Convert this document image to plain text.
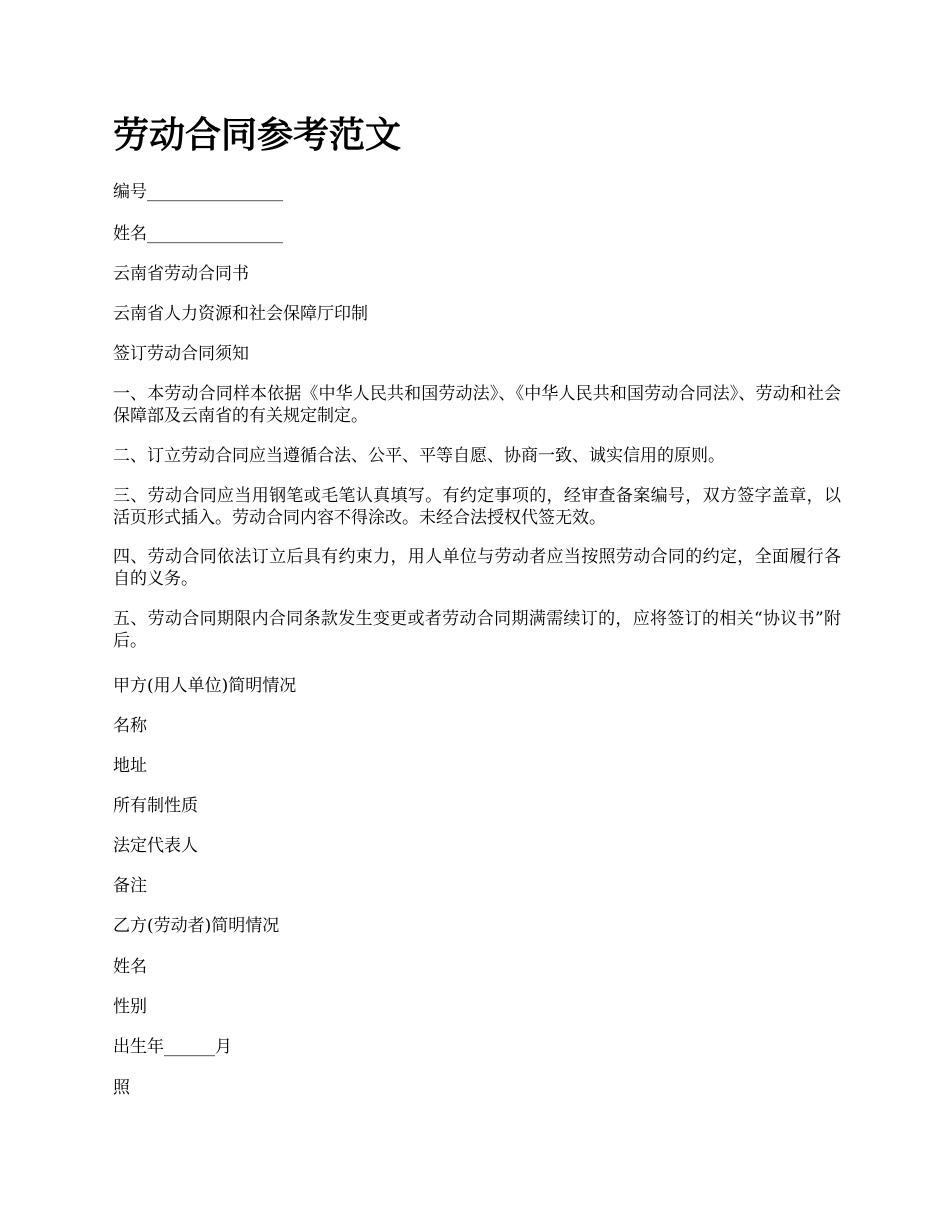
劳动合同参考范文

编号________________

姓名________________

云南省劳动合同书

云南省人力资源和社会保障厅印制

签订劳动合同须知

一、本劳动合同样本依据《中华人民共和国劳动法》、《中华人民共和国劳动合同法》、劳动和社会保障部及云南省的有关规定制定。

二、订立劳动合同应当遵循合法、公平、平等自愿、协商一致、诚实信用的原则。

三、劳动合同应当用钢笔或毛笔认真填写。有约定事项的，经审查备案编号，双方签字盖章，以活页形式插入。劳动合同内容不得涂改。未经合法授权代签无效。

四、劳动合同依法订立后具有约束力，用人单位与劳动者应当按照劳动合同的约定，全面履行各自的义务。

五、劳动合同期限内合同条款发生变更或者劳动合同期满需续订的，应将签订的相关“协议书”附后。

甲方(用人单位)简明情况

名称

地址

所有制性质

法定代表人

备注

乙方(劳动者)简明情况

姓名

性别

出生年______月

照
